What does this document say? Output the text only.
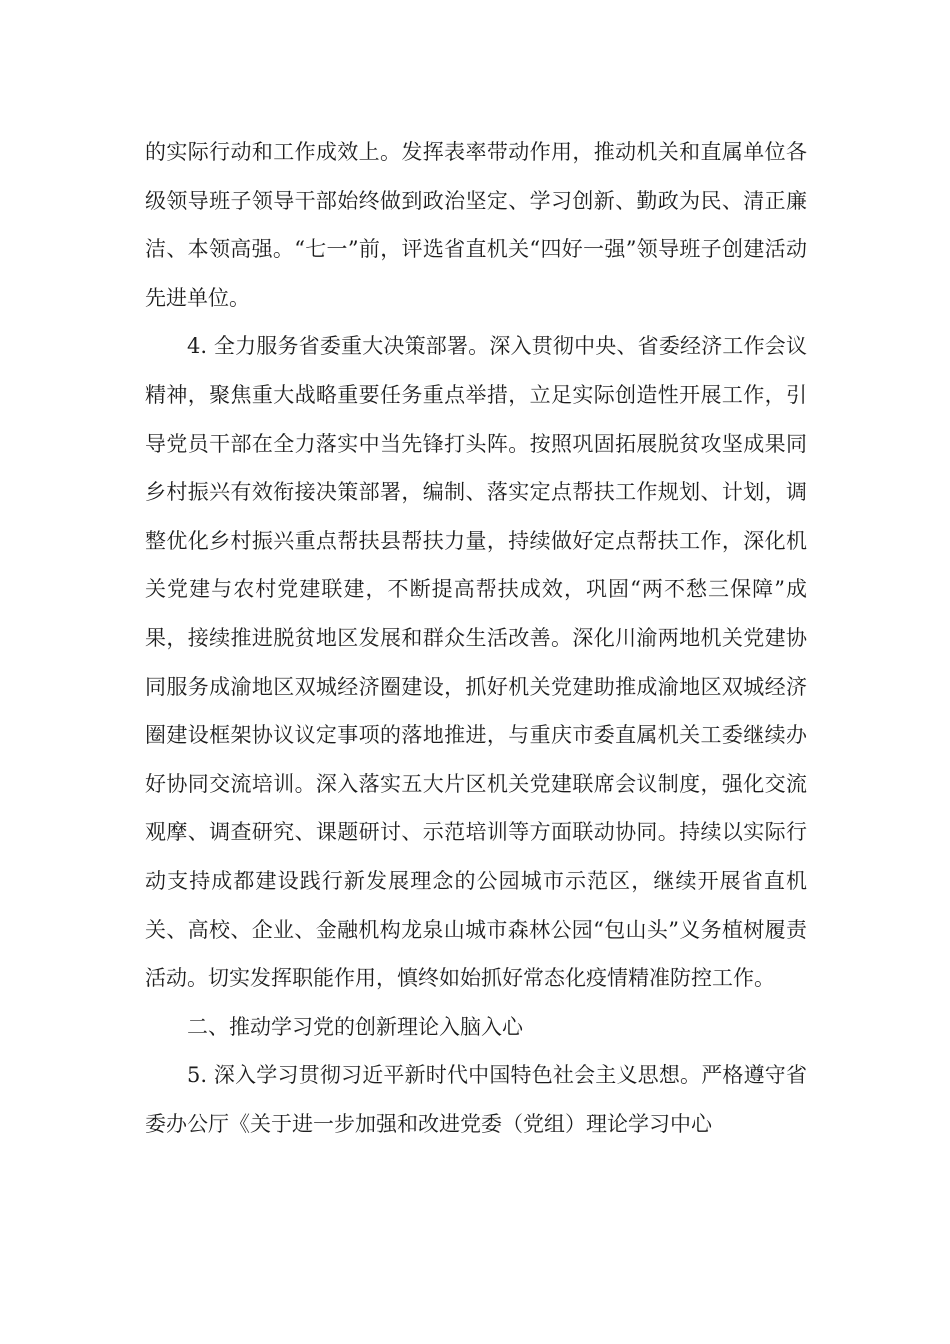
的实际行动和工作成效上。发挥表率带动作用，推动机关和直属单位各级领导班子领导干部始终做到政治坚定、学习创新、勤政为民、清正廉洁、本领高强。“七一”前，评选省直机关“四好一强”领导班子创建活动先进单位。

4. 全力服务省委重大决策部署。深入贯彻中央、省委经济工作会议精神，聚焦重大战略重要任务重点举措，立足实际创造性开展工作，引导党员干部在全力落实中当先锋打头阵。按照巩固拓展脱贫攻坚成果同乡村振兴有效衔接决策部署，编制、落实定点帮扶工作规划、计划，调整优化乡村振兴重点帮扶县帮扶力量，持续做好定点帮扶工作，深化机关党建与农村党建联建，不断提高帮扶成效，巩固“两不愁三保障”成果，接续推进脱贫地区发展和群众生活改善。深化川渝两地机关党建协同服务成渝地区双城经济圈建设，抓好机关党建助推成渝地区双城经济圈建设框架协议议定事项的落地推进，与重庆市委直属机关工委继续办好协同交流培训。深入落实五大片区机关党建联席会议制度，强化交流观摩、调查研究、课题研讨、示范培训等方面联动协同。持续以实际行动支持成都建设践行新发展理念的公园城市示范区，继续开展省直机关、高校、企业、金融机构龙泉山城市森林公园“包山头”义务植树履责活动。切实发挥职能作用，慎终如始抓好常态化疫情精准防控工作。

二、推动学习党的创新理论入脑入心

5. 深入学习贯彻习近平新时代中国特色社会主义思想。严格遵守省委办公厅《关于进一步加强和改进党委（党组）理论学习中心
